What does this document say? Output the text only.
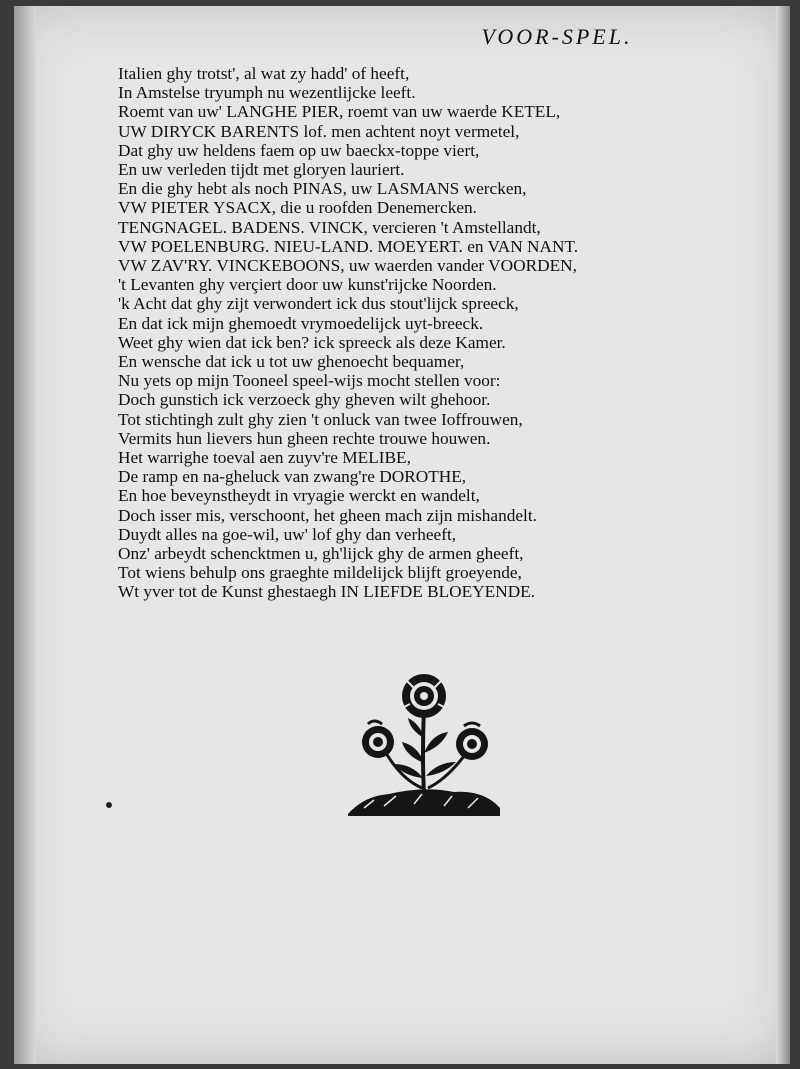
VOOR-SPEL.
Italien ghy trotst', al wat zy hadd' of heeft,
In Amstelse tryumph nu wezentlijcke leeft.
Roemt van uw' LANGHE PIER, roemt van uw waerde KETEL,
UW DIRYCK BARENTS lof. men achtent noyt vermetel,
Dat ghy uw heldens faem op uw baeckx-toppe viert,
En uw verleden tijdt met gloryen lauriert.
En die ghy hebt als noch PINAS, uw LASMANS wercken,
VW PIETER YSACX, die u roofden Denemercken.
TENGNAGEL. BADENS. VINCK, vercieren 't Amstellandt,
VW POELENBURG. NIEU-LAND. MOEYERT. en VAN NANT.
VW ZAV'RY. VINCKEBOONS, uw waerden vander VOORDEN,
't Levanten ghy verçiert door uw kunst'rijcke Noorden.
'k Acht dat ghy zijt verwondert ick dus stout'lijck spreeck,
En dat ick mijn ghemoedt vrymoedelijck uyt-breeck.
Weet ghy wien dat ick ben? ick spreeck als deze Kamer.
En wensche dat ick u tot uw ghenoecht bequamer,
Nu yets op mijn Tooneel speel-wijs mocht stellen voor:
Doch gunstich ick verzoeck ghy gheven wilt ghehoor.
Tot stichtingh zult ghy zien 't onluck van twee Ioffrouwen,
Vermits hun lievers hun gheen rechte trouwe houwen.
Het warrighe toeval aen zuyv're MELIBE,
De ramp en na-gheluck van zwang're DOROTHE,
En hoe beveynstheydt in vryagie werckt en wandelt,
Doch isser mis, verschoont, het gheen mach zijn mishandelt.
Duydt alles na goe-wil, uw' lof ghy dan verheeft,
Onz' arbeydt schencktmen u, gh'lijck ghy de armen gheeft,
Tot wiens behulp ons graeghte mildelijck blijft groeyende,
Wt yver tot de Kunst ghestaegh IN LIEFDE BLOEYENDE.
